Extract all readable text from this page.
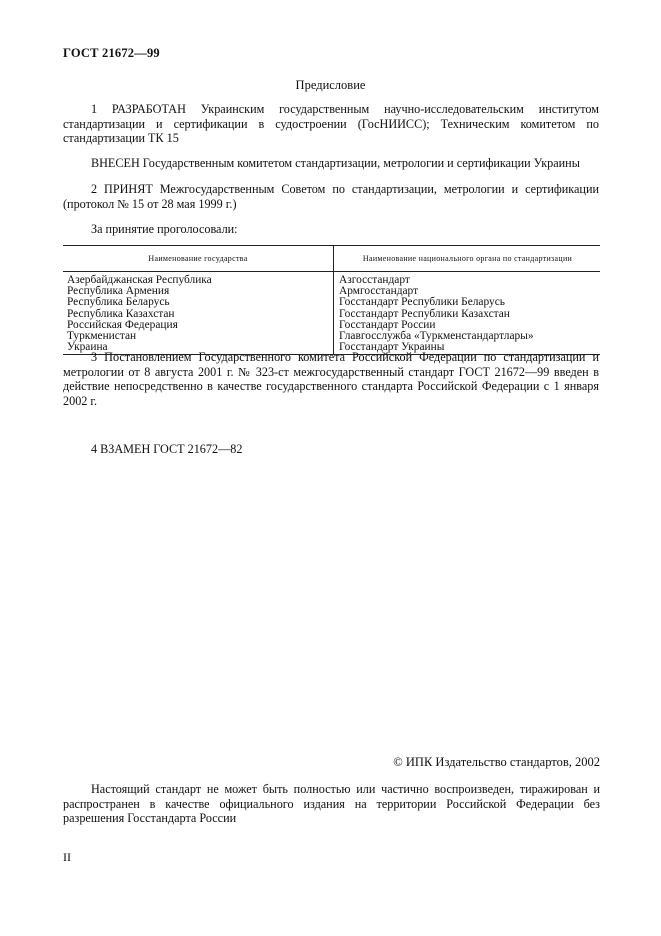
ГОСТ 21672—99
Предисловие

1 РАЗРАБОТАН Украинским государственным научно-исследовательским институтом стандартизации и сертификации в судостроении (ГосНИИСС); Техническим комитетом по стандартизации ТК 15

ВНЕСЕН Государственным комитетом стандартизации, метрологии и сертификации Украины

2 ПРИНЯТ Межгосударственным Советом по стандартизации, метрологии и сертификации (протокол № 15 от 28 мая 1999 г.)

За принятие проголосовали:

Наименование государства	Наименование национального органа по стандартизации
Азербайджанская Республика	Азгосстандарт
Республика Армения	Армгосстандарт
Республика Беларусь	Госстандарт Республики Беларусь
Республика Казахстан	Госстандарт Республики Казахстан
Российская Федерация	Госстандарт России
Туркменистан	Главгосслужба «Туркменстандартлары»
Украина	Госстандарт Украины

3 Постановлением Государственного комитета Российской Федерации по стандартизации и метрологии от 8 августа 2001 г. № 323-ст межгосударственный стандарт ГОСТ 21672—99 введен в действие непосредственно в качестве государственного стандарта Российской Федерации с 1 января 2002 г.

4 ВЗАМЕН ГОСТ 21672—82

© ИПК Издательство стандартов, 2002

Настоящий стандарт не может быть полностью или частично воспроизведен, тиражирован и распространен в качестве официального издания на территории Российской Федерации без разрешения Госстандарта России

II
